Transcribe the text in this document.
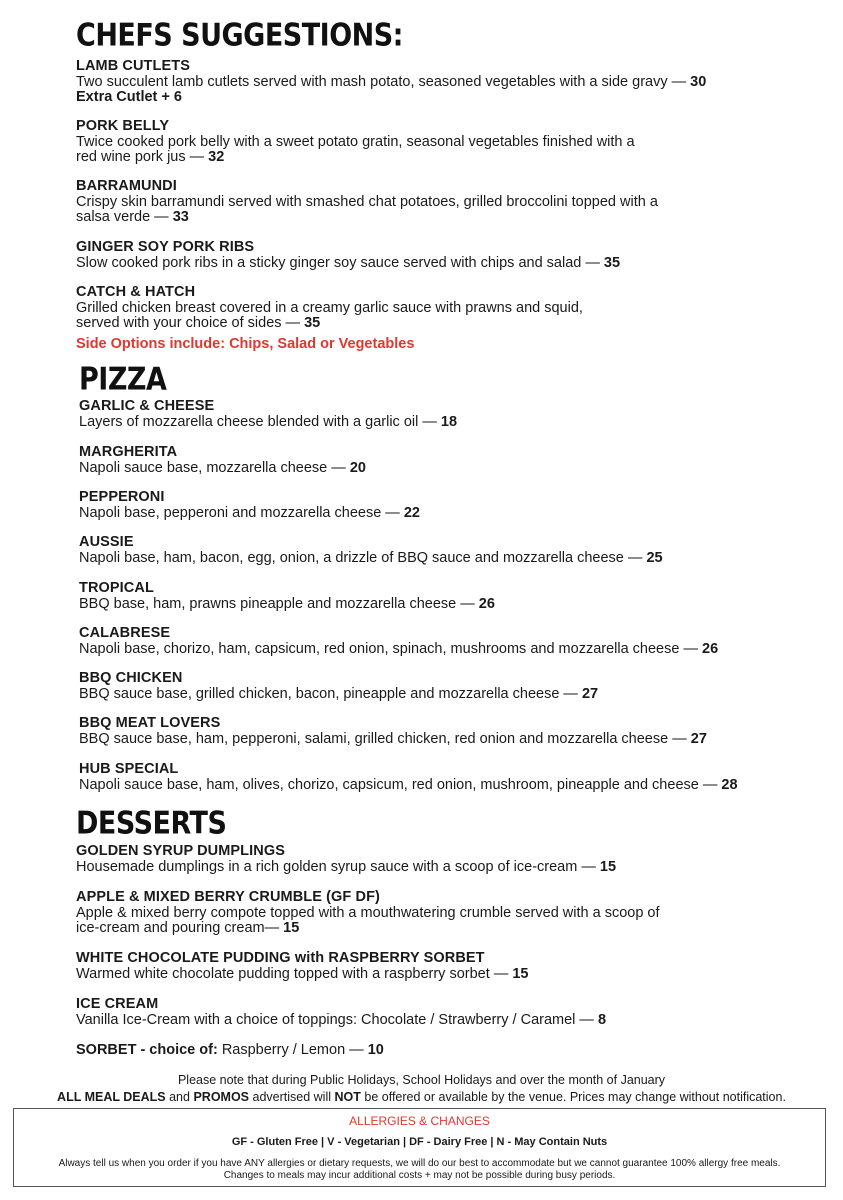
CHEFS SUGGESTIONS:
LAMB CUTLETS
Two succulent lamb cutlets served with mash potato, seasoned vegetables with a side gravy — 30
Extra Cutlet + 6
PORK BELLY
Twice cooked pork belly with a sweet potato gratin, seasonal vegetables finished with a
red wine pork jus — 32
BARRAMUNDI
Crispy skin barramundi served with smashed chat potatoes, grilled broccolini topped with a
salsa verde — 33
GINGER SOY PORK RIBS
Slow cooked pork ribs in a sticky ginger soy sauce served with chips and salad — 35
CATCH & HATCH
Grilled chicken breast covered in a creamy garlic sauce with prawns and squid,
served with your choice of sides — 35
Side Options include: Chips, Salad or Vegetables
PIZZA
GARLIC & CHEESE
Layers of mozzarella cheese blended with a garlic oil — 18
MARGHERITA
Napoli sauce base, mozzarella cheese — 20
PEPPERONI
Napoli base, pepperoni and mozzarella cheese — 22
AUSSIE
Napoli base, ham, bacon, egg, onion, a drizzle of BBQ sauce and mozzarella cheese — 25
TROPICAL
BBQ base, ham, prawns pineapple and mozzarella cheese — 26
CALABRESE
Napoli base, chorizo, ham, capsicum, red onion, spinach, mushrooms and mozzarella cheese — 26
BBQ CHICKEN
BBQ sauce base, grilled chicken, bacon, pineapple and mozzarella cheese — 27
BBQ MEAT LOVERS
BBQ sauce base, ham, pepperoni, salami, grilled chicken, red onion and mozzarella cheese — 27
HUB SPECIAL
Napoli sauce base, ham, olives, chorizo, capsicum, red onion, mushroom, pineapple and cheese — 28
DESSERTS
GOLDEN SYRUP DUMPLINGS
Housemade dumplings in a rich golden syrup sauce with a scoop of ice-cream — 15
APPLE & MIXED BERRY CRUMBLE (GF DF)
Apple & mixed berry compote topped with a mouthwatering crumble served with a scoop of
ice-cream and pouring cream— 15
WHITE CHOCOLATE PUDDING with RASPBERRY SORBET
Warmed white chocolate pudding topped with a raspberry sorbet — 15
ICE CREAM
Vanilla Ice-Cream with a choice of toppings: Chocolate / Strawberry / Caramel — 8
SORBET - choice of: Raspberry / Lemon — 10
Please note that during Public Holidays, School Holidays and over the month of January
ALL MEAL DEALS and PROMOS advertised will NOT be offered or available by the venue. Prices may change without notification.
ALLERGIES & CHANGES
GF - Gluten Free | V - Vegetarian | DF - Dairy Free | N - May Contain Nuts
Always tell us when you order if you have ANY allergies or dietary requests, we will do our best to accommodate but we cannot guarantee 100% allergy free meals.
Changes to meals may incur additional costs + may not be possible during busy periods.
